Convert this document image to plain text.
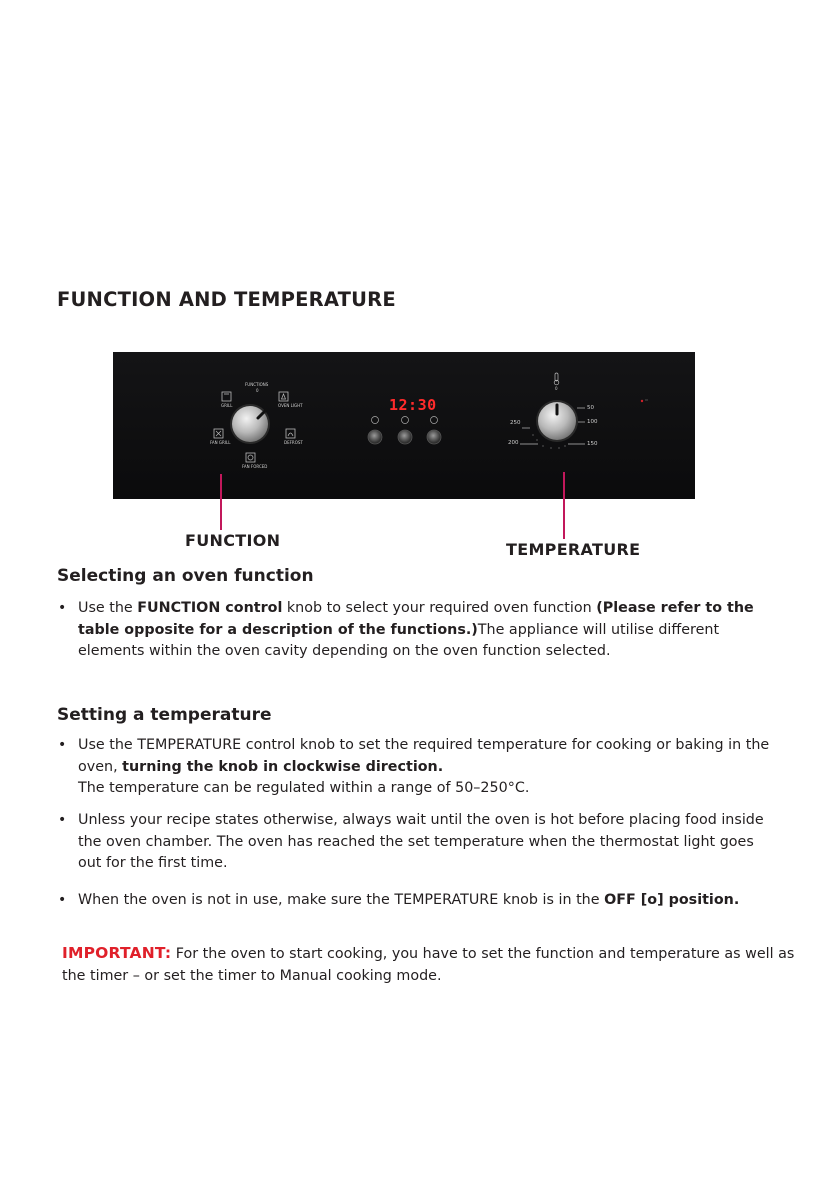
FUNCTION AND TEMPERATURE
FUNCTIONS
0
GRILL	OVEN LIGHT
FAN GRILL	DEFROST
FAN FORCED
0
50
100
150
250
200
12:30
FUNCTION	TEMPERATURE
Selecting an oven function
• Use the FUNCTION control knob to select your required oven function (Please refer to the table opposite for a description of the functions.)The appliance will utilise different elements within the oven cavity depending on the oven function selected.
Setting a temperature
• Use the TEMPERATURE control knob to set the required temperature for cooking or baking in the oven, turning the knob in clockwise direction.
The temperature can be regulated within a range of 50–250°C.
• Unless your recipe states otherwise, always wait until the oven is hot before placing food inside the oven chamber. The oven has reached the set temperature when the thermostat light goes out for the first time.
• When the oven is not in use, make sure the TEMPERATURE knob is in the OFF [o] position.
IMPORTANT: For the oven to start cooking, you have to set the function and temperature as well as the timer – or set the timer to Manual cooking mode.
